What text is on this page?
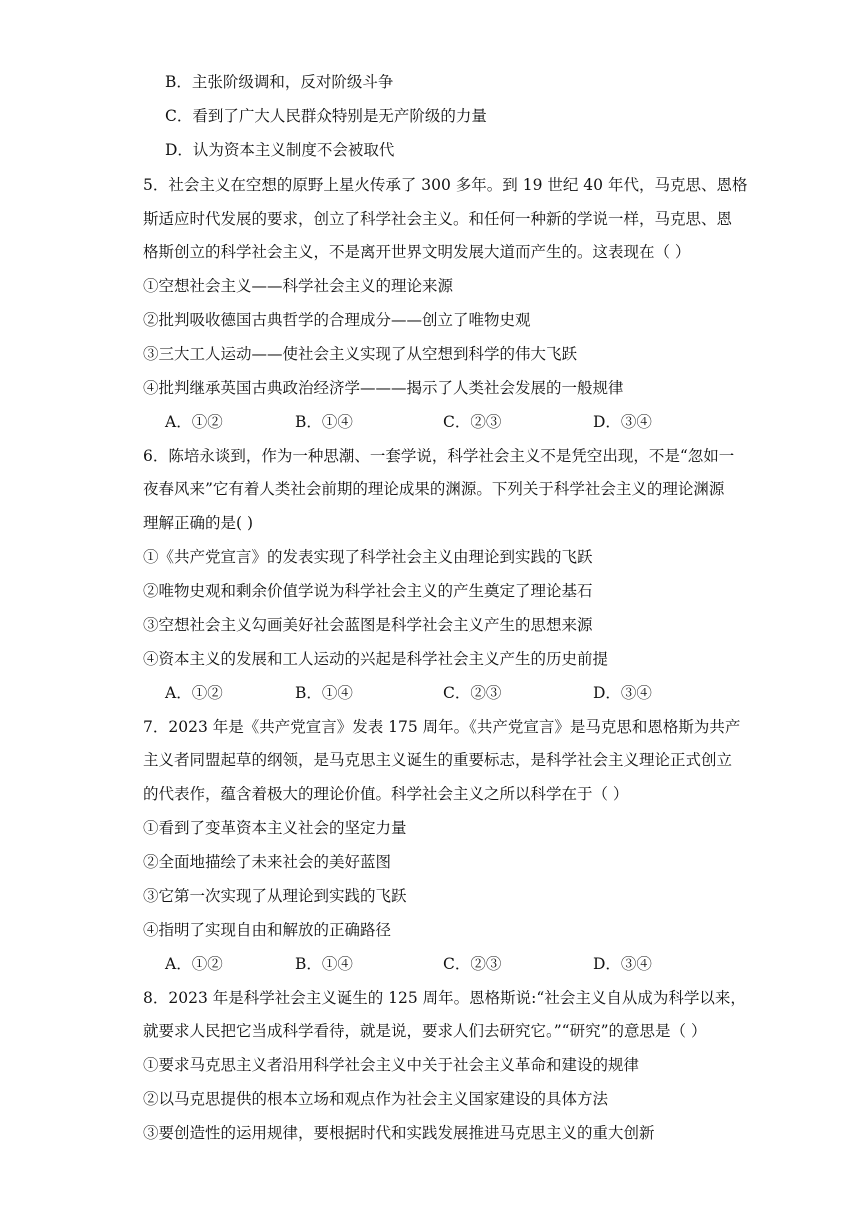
B．主张阶级调和，反对阶级斗争
C．看到了广大人民群众特别是无产阶级的力量
D．认为资本主义制度不会被取代
5．社会主义在空想的原野上星火传承了 300 多年。到 19 世纪 40 年代，马克思、恩格
斯适应时代发展的要求，创立了科学社会主义。和任何一种新的学说一样，马克思、恩
格斯创立的科学社会主义，不是离开世界文明发展大道而产生的。这表现在（ ）
①空想社会主义——科学社会主义的理论来源
②批判吸收德国古典哲学的合理成分——创立了唯物史观
③三大工人运动——使社会主义实现了从空想到科学的伟大飞跃
④批判继承英国古典政治经济学———揭示了人类社会发展的一般规律
A．①②	B．①④	C．②③	D．③④
6．陈培永谈到，作为一种思潮、一套学说，科学社会主义不是凭空出现，不是“忽如一
夜春风来”它有着人类社会前期的理论成果的渊源。下列关于科学社会主义的理论渊源
理解正确的是( )
①《共产党宣言》的发表实现了科学社会主义由理论到实践的飞跃
②唯物史观和剩余价值学说为科学社会主义的产生奠定了理论基石
③空想社会主义勾画美好社会蓝图是科学社会主义产生的思想来源
④资本主义的发展和工人运动的兴起是科学社会主义产生的历史前提
A．①②	B．①④	C．②③	D．③④
7．2023 年是《共产党宣言》发表 175 周年。《共产党宣言》是马克思和恩格斯为共产
主义者同盟起草的纲领，是马克思主义诞生的重要标志，是科学社会主义理论正式创立
的代表作，蕴含着极大的理论价值。科学社会主义之所以科学在于（ ）
①看到了变革资本主义社会的坚定力量
②全面地描绘了未来社会的美好蓝图
③它第一次实现了从理论到实践的飞跃
④指明了实现自由和解放的正确路径
A．①②	B．①④	C．②③	D．③④
8．2023 年是科学社会主义诞生的 125 周年。恩格斯说:“社会主义自从成为科学以来，
就要求人民把它当成科学看待，就是说，要求人们去研究它。”“研究”的意思是（ ）
①要求马克思主义者沿用科学社会主义中关于社会主义革命和建设的规律
②以马克思提供的根本立场和观点作为社会主义国家建设的具体方法
③要创造性的运用规律，要根据时代和实践发展推进马克思主义的重大创新
